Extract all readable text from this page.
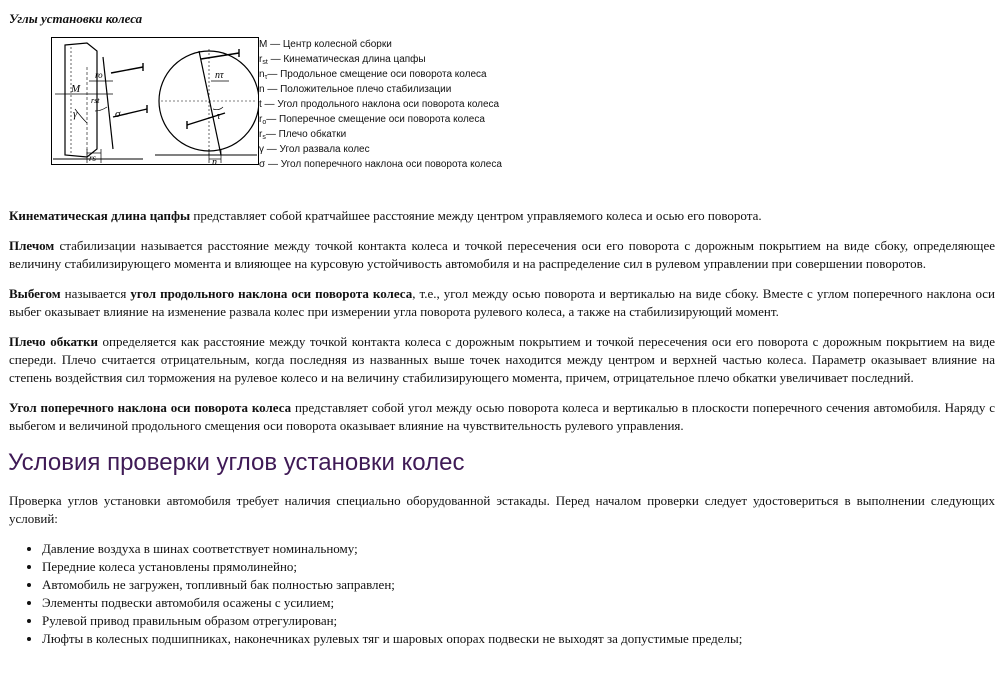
Углы установки колеса
M
ro
rst
γ	σ
rs
nτ
τ
n
M — Центр колесной сборки
$r_{st}$ — Кинематическая длина цапфы
$n_\tau—$ Продольное смещение оси поворота колеса
n — Положительное плечо стабилизации
t — Угол продольного наклона оси поворота колеса
$r_o—$ Поперечное смещение оси поворота колеса
$r_s—$ Плечо обкатки
γ — Угол развала колес
σ — Угол поперечного наклона оси поворота колеса

Кинематическая длина цапфы представляет собой кратчайшее расстояние между центром управляемого колеса и осью его поворота.

Плечом стабилизации называется расстояние между точкой контакта колеса и точкой пересечения оси его поворота с дорожным покрытием на виде сбоку, определяющее величину стабилизирующего момента и влияющее на курсовую устойчивость автомобиля и на распределение сил в рулевом управлении при совершении поворотов.

Выбегом называется угол продольного наклона оси поворота колеса, т.е., угол между осью поворота и вертикалью на виде сбоку. Вместе с углом поперечного наклона оси выбег оказывает влияние на изменение развала колес при измерении угла поворота рулевого колеса, а также на стабилизирующий момент.

Плечо обкатки определяется как расстояние между точкой контакта колеса с дорожным покрытием и точкой пересечения оси его поворота с дорожным покрытием на виде спереди. Плечо считается отрицательным, когда последняя из названных выше точек находится между центром и верхней частью колеса. Параметр оказывает влияние на степень воздействия сил торможения на рулевое колесо и на величину стабилизирующего момента, причем, отрицательное плечо обкатки увеличивает последний.

Угол поперечного наклона оси поворота колеса представляет собой угол между осью поворота колеса и вертикалью в плоскости поперечного сечения автомобиля. Наряду с выбегом и величиной продольного смещения оси поворота оказывает влияние на чувствительность рулевого управления.

Условия проверки углов установки колес

Проверка углов установки автомобиля требует наличия специально оборудованной эстакады. Перед началом проверки следует удостовериться в выполнении следующих условий:

• Давление воздуха в шинах соответствует номинальному;
• Передние колеса установлены прямолинейно;
• Автомобиль не загружен, топливный бак полностью заправлен;
• Элементы подвески автомобиля осажены с усилием;
• Рулевой привод правильным образом отрегулирован;
• Люфты в колесных подшипниках, наконечниках рулевых тяг и шаровых опорах подвески не выходят за допустимые пределы;
